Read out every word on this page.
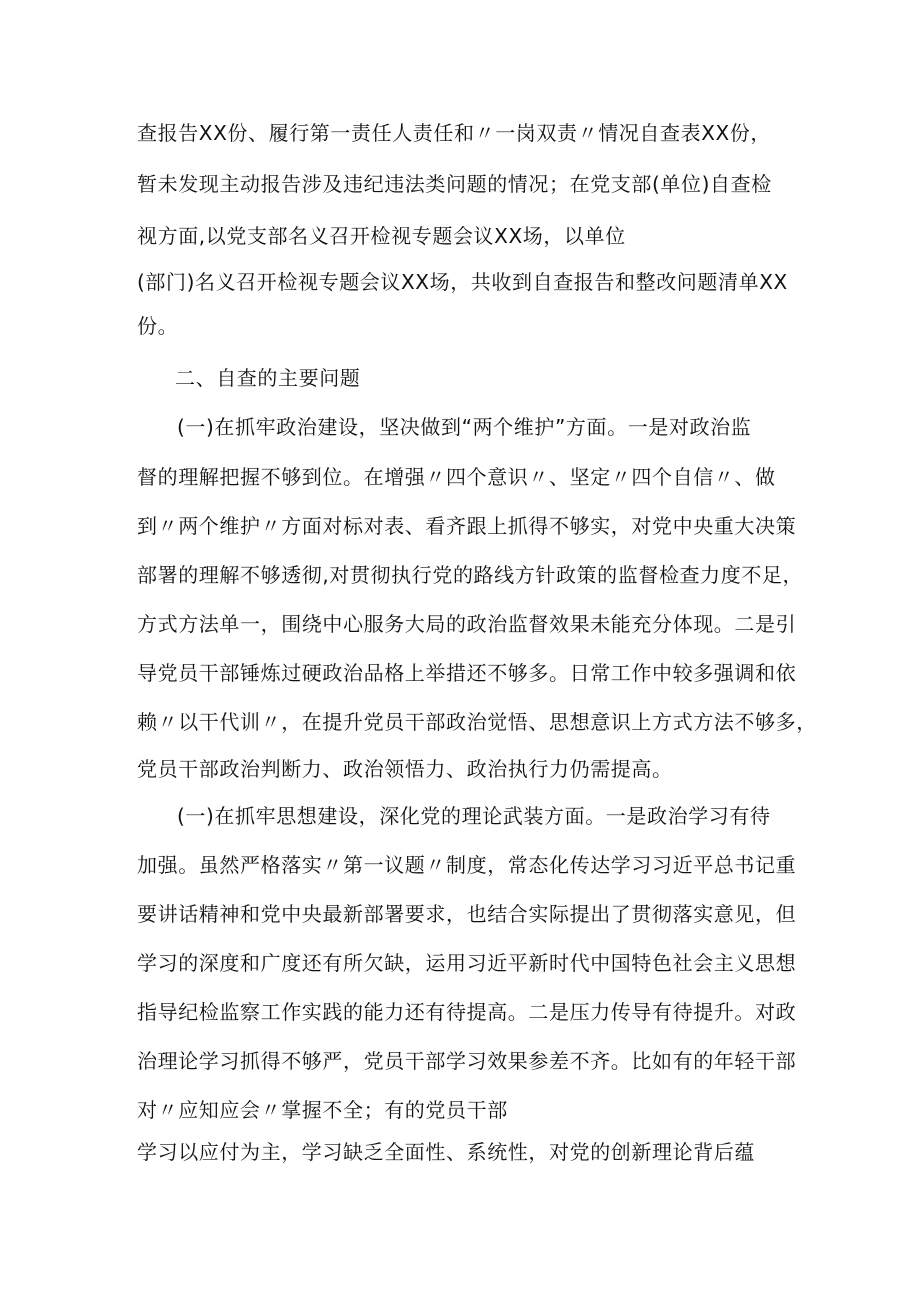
查报告XX份、履行第一责任人责任和〃一岗双责〃情况自查表XX份，
暂未发现主动报告涉及违纪违法类问题的情况；在党支部(单位)自查检
视方面,以党支部名义召开检视专题会议XX场，以单位
(部门)名义召开检视专题会议XX场，共收到自查报告和整改问题清单XX
份。
二、自查的主要问题
(一)在抓牢政治建设，坚决做到“两个维护”方面。一是对政治监
督的理解把握不够到位。在增强〃四个意识〃、坚定〃四个自信〃、做
到〃两个维护〃方面对标对表、看齐跟上抓得不够实，对党中央重大决策
部署的理解不够透彻,对贯彻执行党的路线方针政策的监督检查力度不足，
方式方法单一，围绕中心服务大局的政治监督效果未能充分体现。二是引
导党员干部锤炼过硬政治品格上举措还不够多。日常工作中较多强调和依
赖〃以干代训〃，在提升党员干部政治觉悟、思想意识上方式方法不够多，
党员干部政治判断力、政治领悟力、政治执行力仍需提高。
(一)在抓牢思想建设，深化党的理论武装方面。一是政治学习有待
加强。虽然严格落实〃第一议题〃制度，常态化传达学习习近平总书记重
要讲话精神和党中央最新部署要求，也结合实际提出了贯彻落实意见，但
学习的深度和广度还有所欠缺，运用习近平新时代中国特色社会主义思想
指导纪检监察工作实践的能力还有待提高。二是压力传导有待提升。对政
治理论学习抓得不够严，党员干部学习效果参差不齐。比如有的年轻干部
对〃应知应会〃掌握不全；有的党员干部
学习以应付为主，学习缺乏全面性、系统性，对党的创新理论背后蕴
